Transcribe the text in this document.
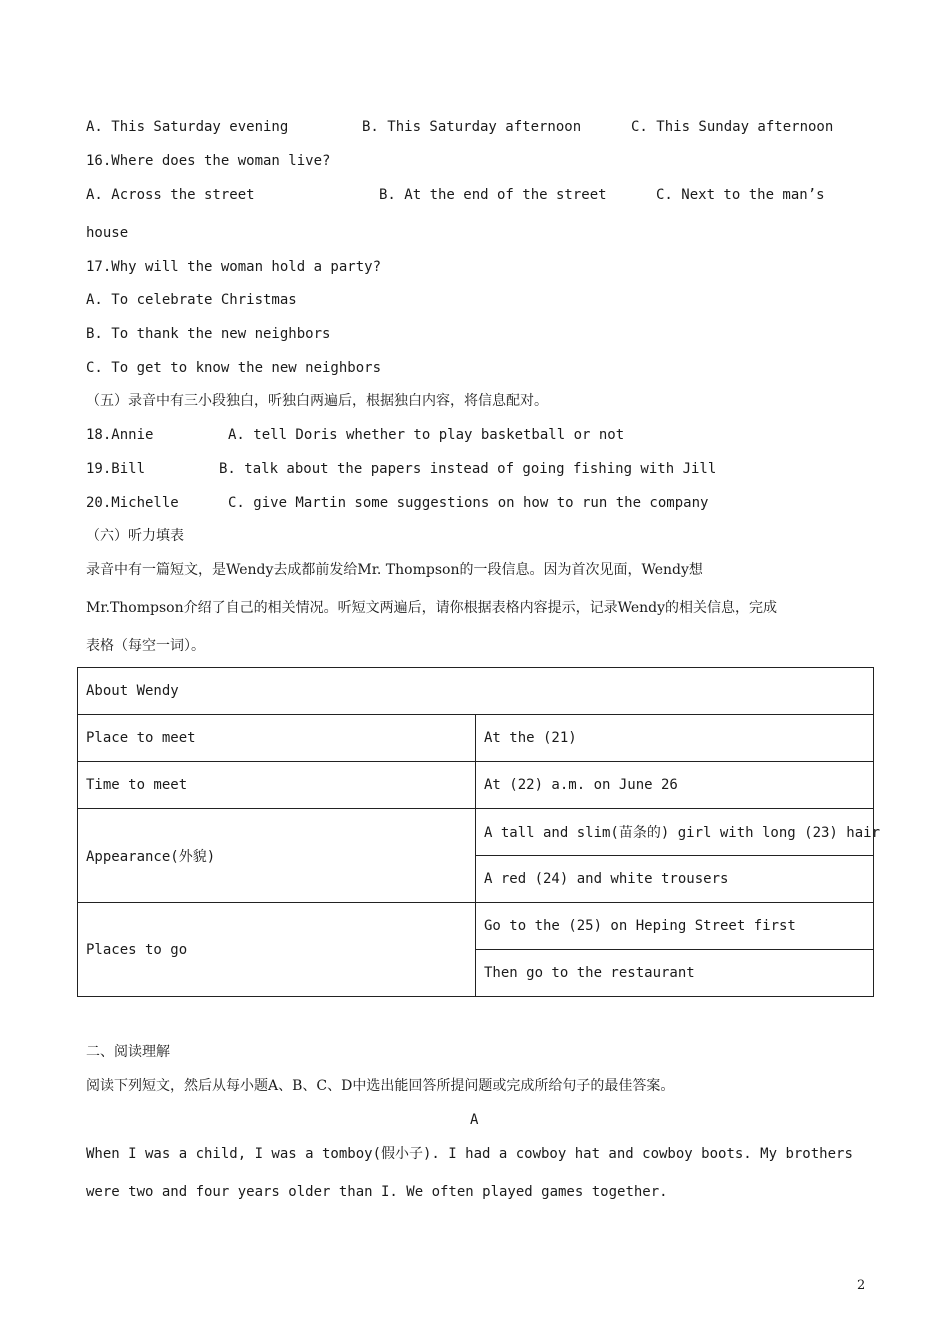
A. This Saturday evening	B. This Saturday afternoon	C. This Sunday afternoon
16.Where does the woman live?
A. Across the street	B. At the end of the street	C. Next to the man’s
house
17.Why will the woman hold a party?
A. To celebrate Christmas
B. To thank the new neighbors
C. To get to know the new neighbors
（五）录音中有三小段独白，听独白两遍后，根据独白内容，将信息配对。
18.Annie	A. tell Doris whether to play basketball or not
19.Bill	B. talk about the papers instead of going fishing with Jill
20.Michelle	C. give Martin some suggestions on how to run the company
（六）听力填表
录音中有一篇短文，是Wendy去成都前发给Mr. Thompson的一段信息。因为首次见面，Wendy想
Mr.Thompson介绍了自己的相关情况。听短文两遍后，请你根据表格内容提示，记录Wendy的相关信息，完成
表格（每空一词）。
About Wendy	
Place to meet	At the (21)
Time to meet	At (22) a.m. on June 26
Appearance(外貌)	A tall and slim(苗条的) girl with long (23) hair
	A red (24) and white trousers
Places to go	Go to the (25) on Heping Street first
	Then go to the restaurant
二、阅读理解
阅读下列短文，然后从每小题A、B、C、D中选出能回答所提问题或完成所给句子的最佳答案。
A
When I was a child, I was a tomboy(假小子). I had a cowboy hat and cowboy boots. My brothers
were two and four years older than I. We often played games together.
2
